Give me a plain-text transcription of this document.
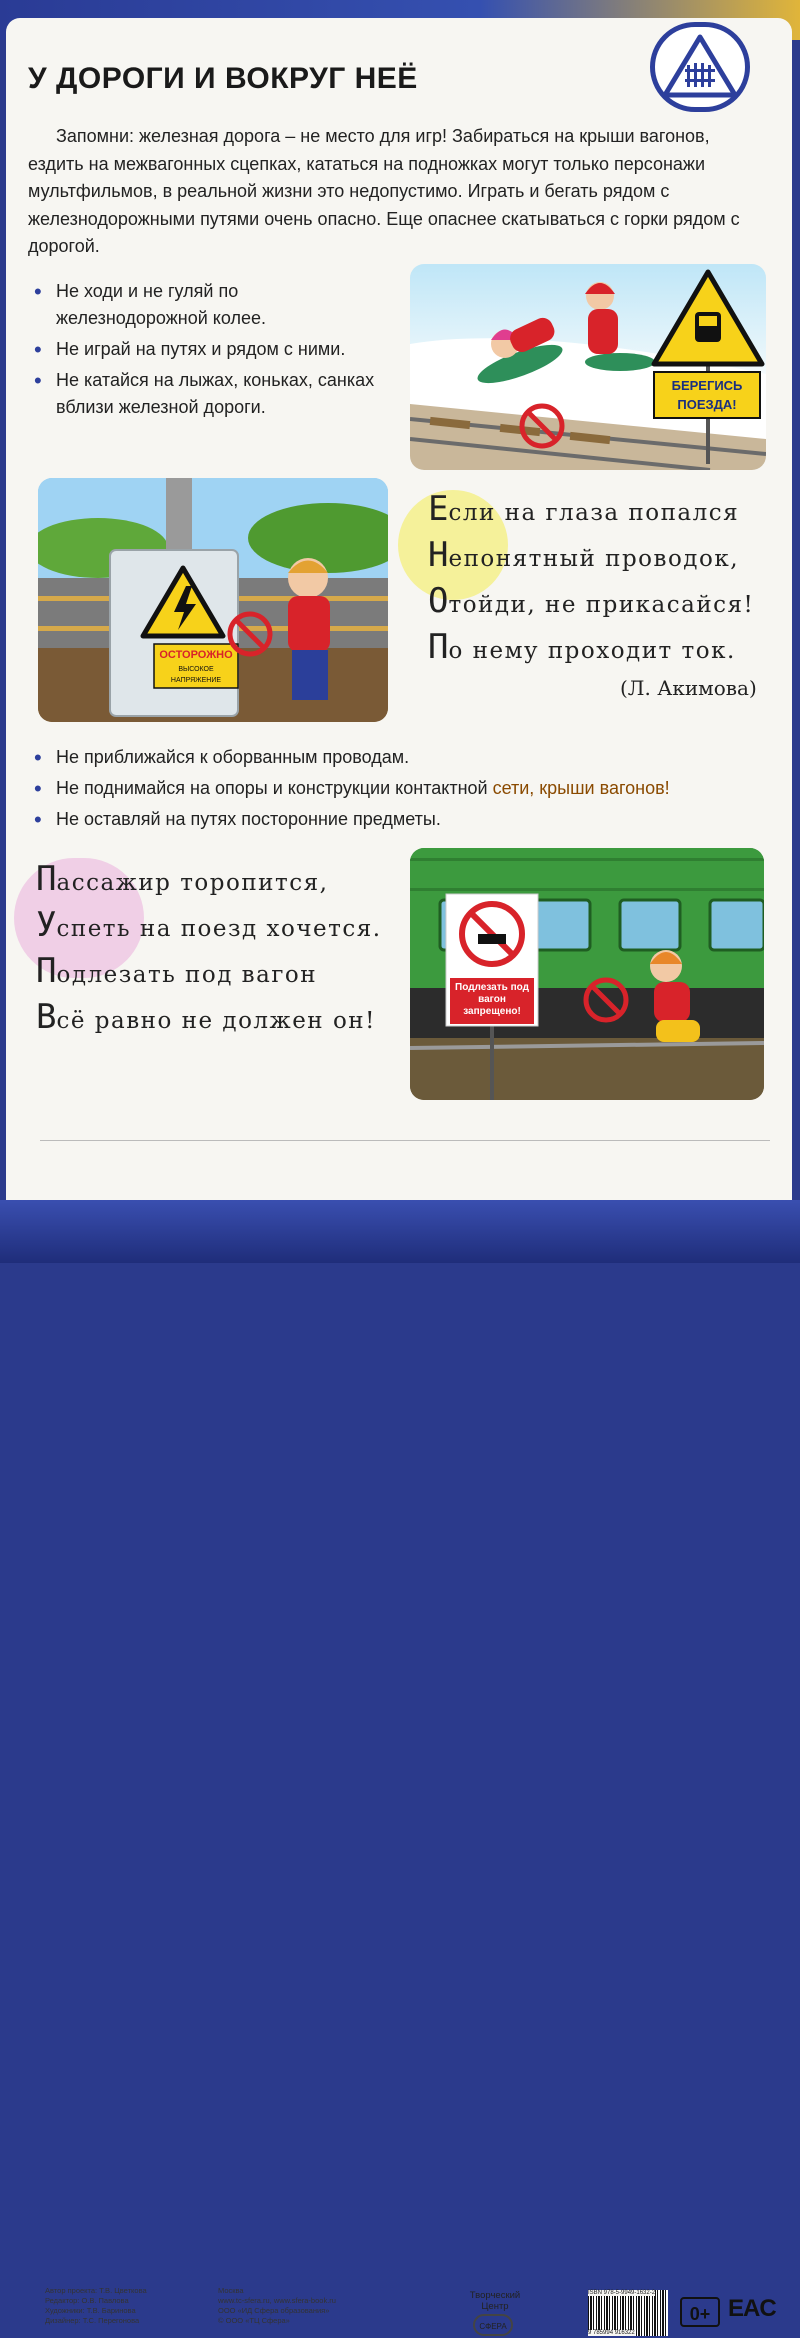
У ДОРОГИ И ВОКРУГ НЕЁ

Запомни: железная дорога – не место для игр! Забираться на крыши вагонов, ездить на межвагонных сцепках, кататься на подножках могут только персонажи мультфильмов, в реальной жизни это недопустимо. Играть и бегать рядом с железнодорожными путями очень опасно. Еще опаснее скатываться с горки рядом с дорогой.

• Не ходи и не гуляй по железнодорожной колее.
• Не играй на путях и рядом с ними.
• Не катайся на лыжах, коньках, санках вблизи железной дороги.
БЕРЕГИСЬ
ПОЕЗДА!
ОСТОРОЖНО
ВЫСОКОЕ
НАПРЯЖЕНИЕ
Если на глаза попался
Непонятный проводок,
Отойди, не прикасайся!
По нему проходит ток.
(Л. Акимова)
• Не приближайся к оборванным проводам.
• Не поднимайся на опоры и конструкции контактной сети, крыши вагонов!
• Не оставляй на путях посторонние предметы.
Пассажир торопится,
Успеть на поезд хочется.
Подлезать под вагон
Всё равно не должен он!
Подлезать под вагон запрещено!
Автор проекта: Т.В. Цветкова
Редактор: О.В. Павлова
Художники: Т.В. Баринова
Дизайнер: Т.С. Перегонова
Москва
www.tc-sfera.ru, www.sfera-book.ru
ООО «ИД Сфера образования»
© ООО «ТЦ Сфера»
Творческий Центр
СФЕРА
ISBN 978-5-9949-1632-2
9 785994 916322
0+ EAC
